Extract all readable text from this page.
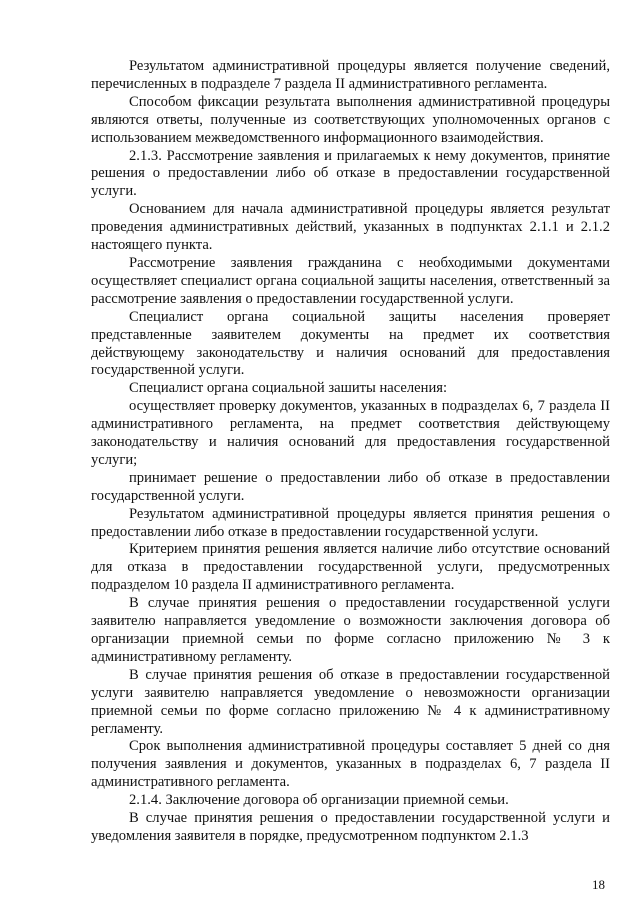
Результатом административной процедуры является получение сведений, перечисленных в подразделе 7 раздела II административного регламента.

Способом фиксации результата выполнения административной процедуры являются ответы, полученные из соответствующих уполномоченных органов с использованием межведомственного информационного взаимодействия.

2.1.3. Рассмотрение заявления и прилагаемых к нему документов, принятие решения о предоставлении либо об отказе в предоставлении государственной услуги.

Основанием для начала административной процедуры является результат проведения административных действий, указанных в подпунктах 2.1.1 и 2.1.2 настоящего пункта.

Рассмотрение заявления гражданина с необходимыми документами осуществляет специалист органа социальной защиты населения, ответственный за рассмотрение заявления о предоставлении государственной услуги.

Специалист органа социальной защиты населения проверяет представленные заявителем документы на предмет их соответствия действующему законодательству и наличия оснований для предоставления государственной услуги.

Специалист органа социальной зашиты населения:

осуществляет проверку документов, указанных в подразделах 6, 7 раздела II административного регламента, на предмет соответствия действующему законодательству и наличия оснований для предоставления государственной услуги;

принимает решение о предоставлении либо об отказе в предоставлении государственной услуги.

Результатом административной процедуры является принятия решения о предоставлении либо отказе в предоставлении государственной услуги.

Критерием принятия решения является наличие либо отсутствие оснований для отказа в предоставлении государственной услуги, предусмотренных подразделом 10 раздела II административного регламента.

В случае принятия решения о предоставлении государственной услуги заявителю направляется уведомление о возможности заключения договора об организации приемной семьи по форме согласно приложению № 3 к административному регламенту.

В случае принятия решения об отказе в предоставлении государственной услуги заявителю направляется уведомление о невозможности организации приемной семьи по форме согласно приложению № 4 к административному регламенту.

Срок выполнения административной процедуры составляет 5 дней со дня получения заявления и документов, указанных в подразделах 6, 7 раздела II административного регламента.

2.1.4. Заключение договора об организации приемной семьи.

В случае принятия решения о предоставлении государственной услуги и уведомления заявителя в порядке, предусмотренном подпунктом 2.1.3

18
